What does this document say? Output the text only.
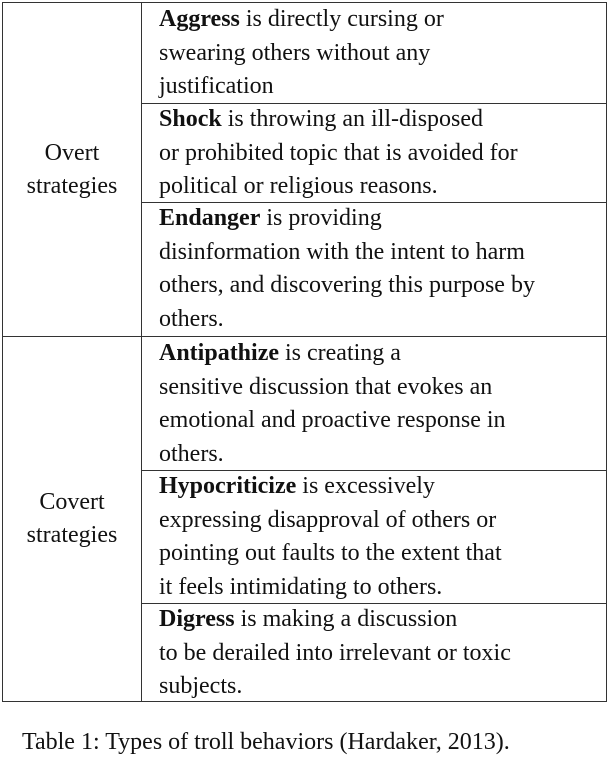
Overt
strategies
Aggress is directly cursing or
swearing others without any
justification
Shock is throwing an ill-disposed
or prohibited topic that is avoided for
political or religious reasons.
Endanger is providing
disinformation with the intent to harm
others, and discovering this purpose by
others.
Covert
strategies
Antipathize is creating a
sensitive discussion that evokes an
emotional and proactive response in
others.
Hypocriticize is excessively
expressing disapproval of others or
pointing out faults to the extent that
it feels intimidating to others.
Digress is making a discussion
to be derailed into irrelevant or toxic
subjects.
Table 1: Types of troll behaviors (Hardaker, 2013).
